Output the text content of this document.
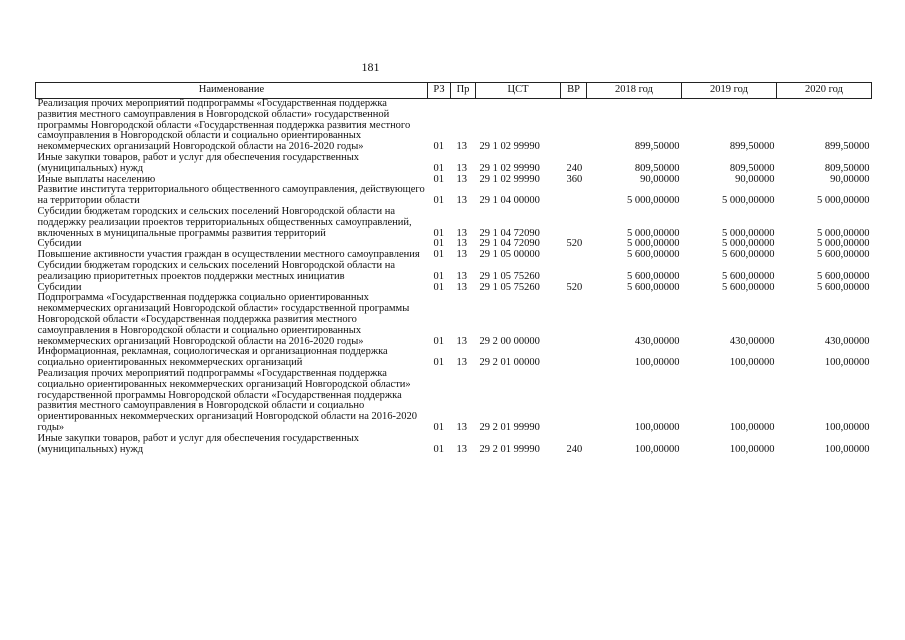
181
Наименование	РЗ	Пр	ЦСТ	ВР	2018 год	2019 год	2020 год
Реализация прочих мероприятий подпрограммы «Государственная поддержка развития местного самоуправления в Новгородской области» государственной программы Новгородской области «Государственная поддержка развития местного самоуправления в Новгородской области и социально ориентированных некоммерческих организаций Новгородской области на 2016-2020 годы»	01	13	29 1 02 99990		899,50000	899,50000	899,50000
Иные закупки товаров, работ и услуг для обеспечения государственных (муниципальных) нужд	01	13	29 1 02 99990	240	809,50000	809,50000	809,50000
Иные выплаты населению	01	13	29 1 02 99990	360	90,00000	90,00000	90,00000
Развитие института территориального общественного самоуправления, действующего на территории области	01	13	29 1 04 00000		5 000,00000	5 000,00000	5 000,00000
Субсидии бюджетам городских и сельских поселений Новгородской области на поддержку реализации проектов территориальных общественных самоуправлений, включенных в муниципальные программы развития территорий	01	13	29 1 04 72090		5 000,00000	5 000,00000	5 000,00000
Субсидии	01	13	29 1 04 72090	520	5 000,00000	5 000,00000	5 000,00000
Повышение активности участия граждан в осуществлении местного самоуправления	01	13	29 1 05 00000		5 600,00000	5 600,00000	5 600,00000
Субсидии бюджетам городских и сельских поселений Новгородской области на реализацию приоритетных проектов поддержки местных инициатив	01	13	29 1 05 75260		5 600,00000	5 600,00000	5 600,00000
Субсидии	01	13	29 1 05 75260	520	5 600,00000	5 600,00000	5 600,00000
Подпрограмма «Государственная поддержка социально ориентированных некоммерческих организаций Новгородской области» государственной программы Новгородской области «Государственная поддержка развития местного самоуправления в Новгородской области и социально ориентированных некоммерческих организаций Новгородской области на 2016-2020 годы»	01	13	29 2 00 00000		430,00000	430,00000	430,00000
Информационная, рекламная, социологическая и организационная поддержка социально ориентированных некоммерческих организаций	01	13	29 2 01 00000		100,00000	100,00000	100,00000
Реализация прочих мероприятий подпрограммы «Государственная поддержка социально ориентированных некоммерческих организаций Новгородской области» государственной программы Новгородской области «Государственная поддержка развития местного самоуправления в Новгородской области и социально ориентированных некоммерческих организаций Новгородской области на 2016-2020 годы»	01	13	29 2 01 99990		100,00000	100,00000	100,00000
Иные закупки товаров, работ и услуг для обеспечения государственных (муниципальных) нужд	01	13	29 2 01 99990	240	100,00000	100,00000	100,00000
